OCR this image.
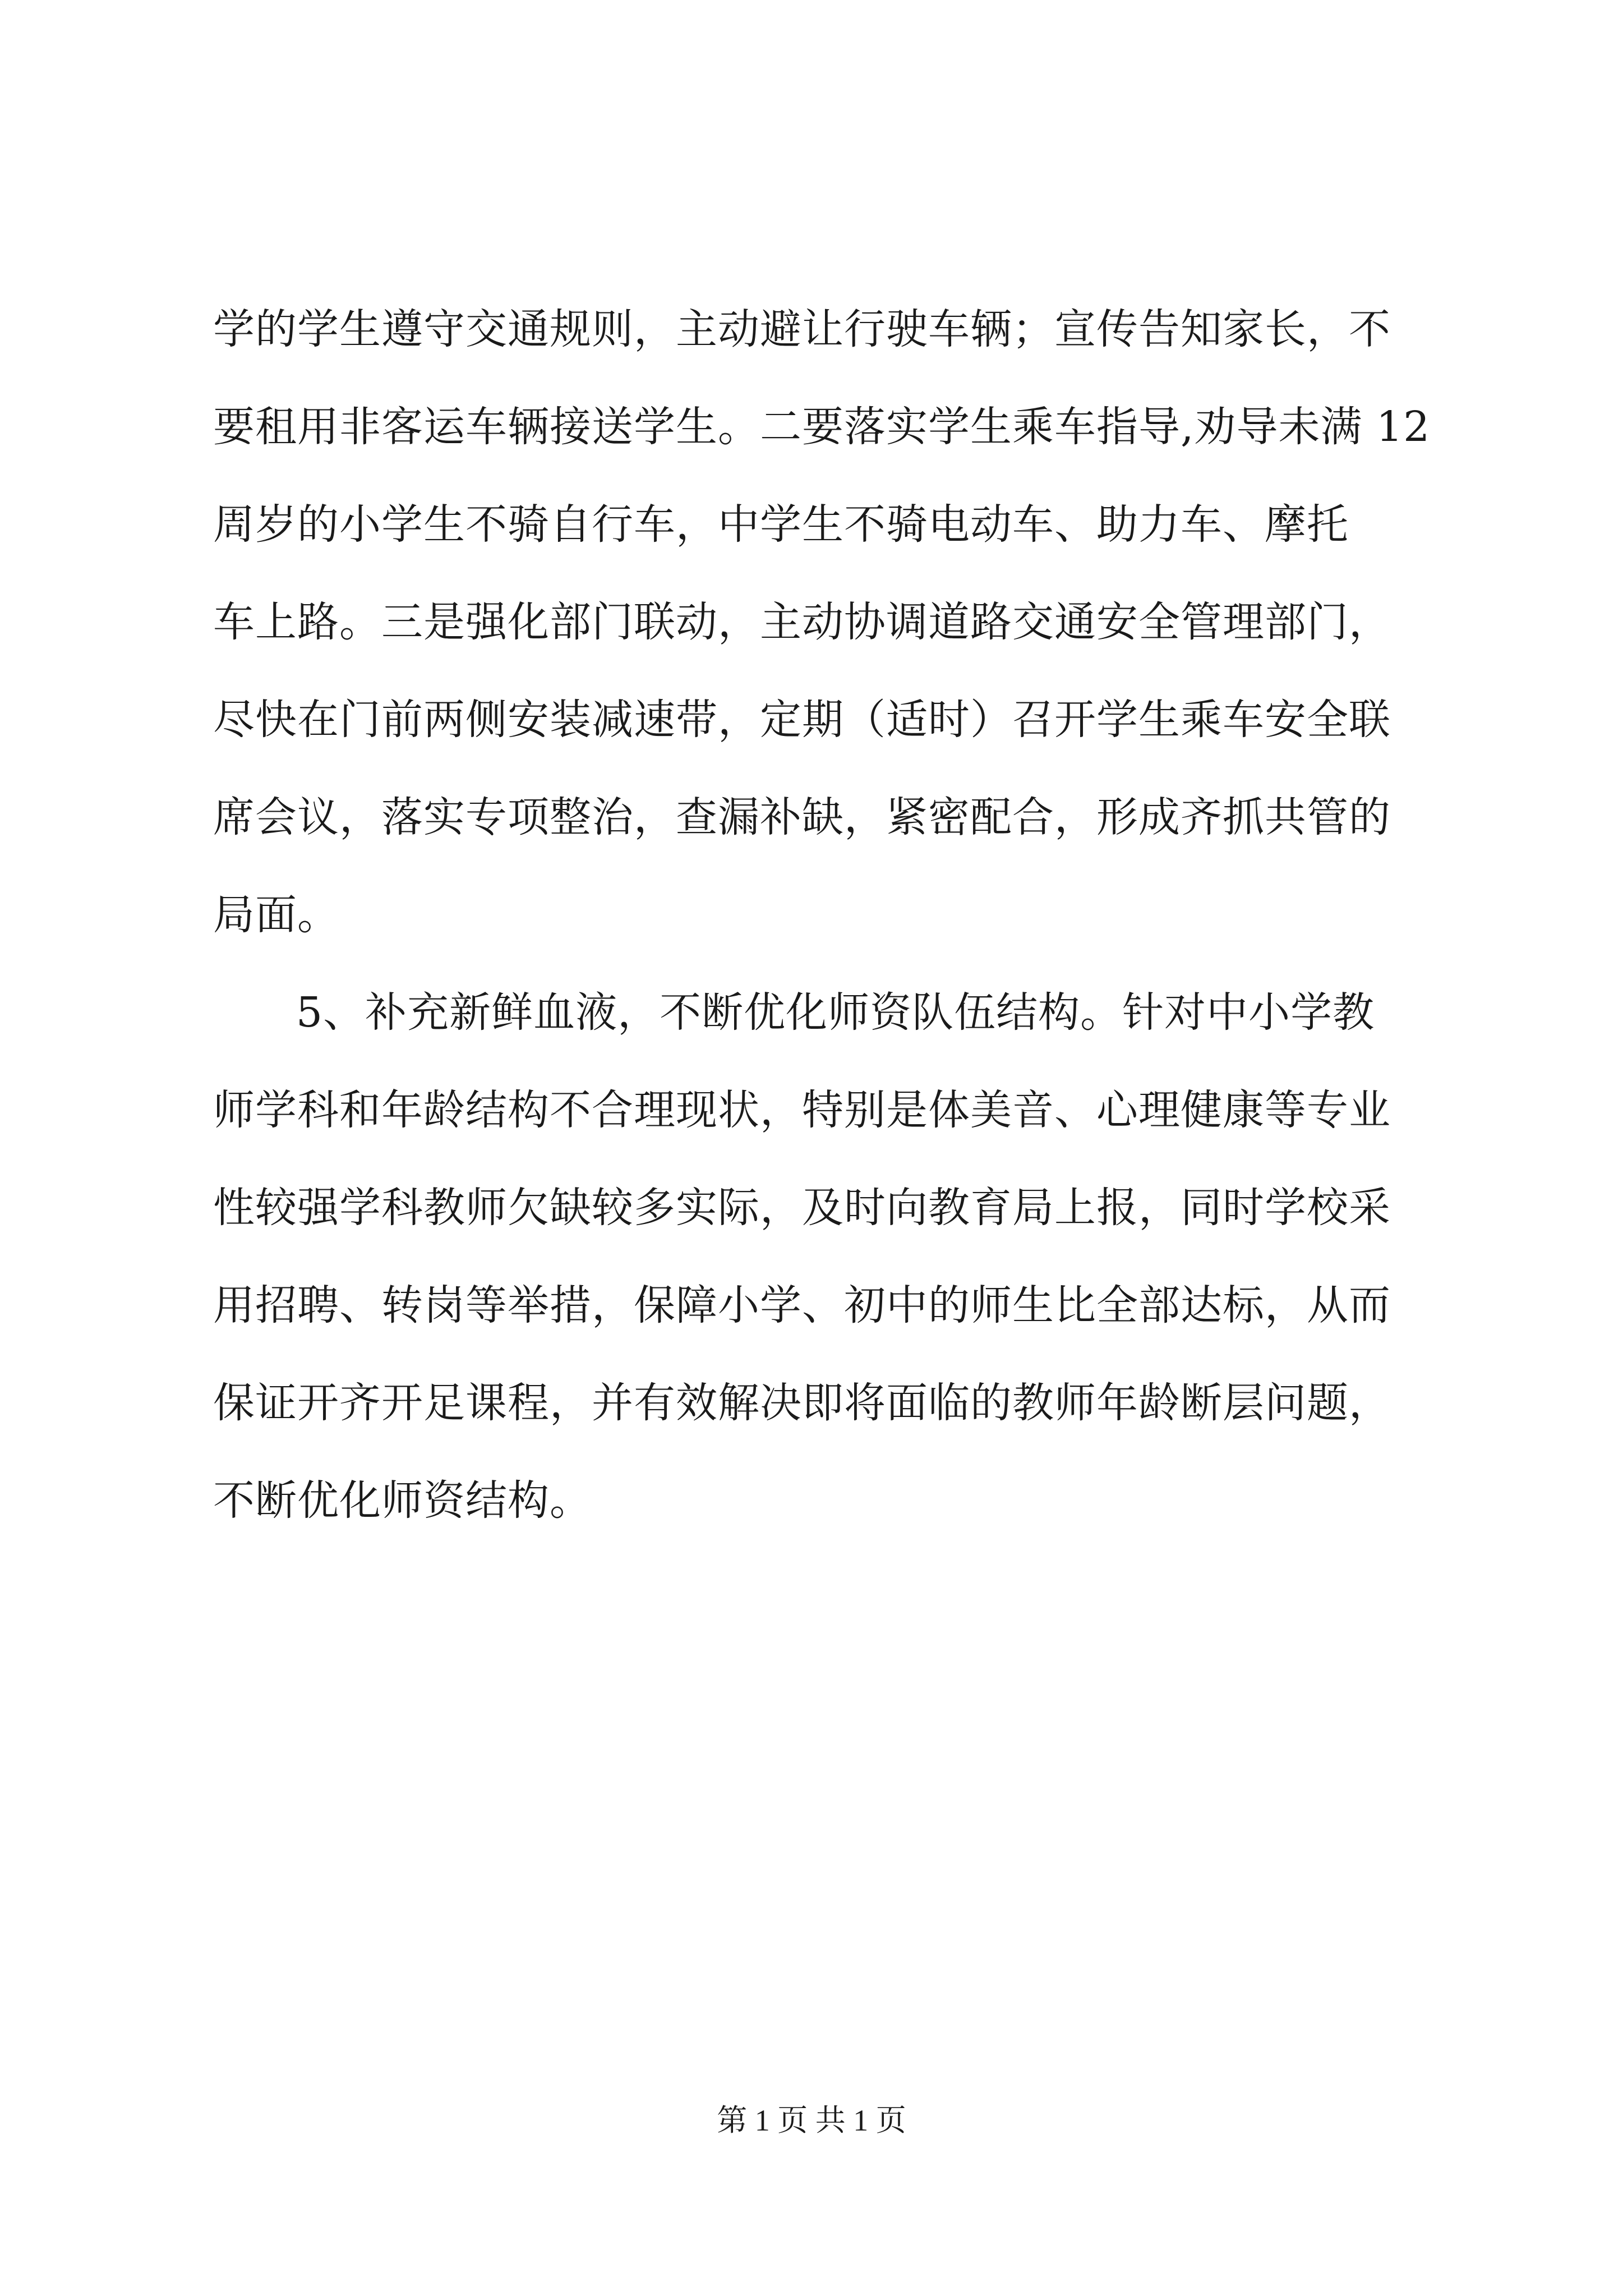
学的学生遵守交通规则，主动避让行驶车辆；宣传告知家长，不
要租用非客运车辆接送学生。二要落实学生乘车指导,劝导未满 12
周岁的小学生不骑自行车，中学生不骑电动车、助力车、摩托
车上路。三是强化部门联动，主动协调道路交通安全管理部门，
尽快在门前两侧安装减速带，定期（适时）召开学生乘车安全联
席会议，落实专项整治，查漏补缺，紧密配合，形成齐抓共管的
局面。

5、补充新鲜血液，不断优化师资队伍结构。针对中小学教
师学科和年龄结构不合理现状，特别是体美音、心理健康等专业
性较强学科教师欠缺较多实际，及时向教育局上报，同时学校采
用招聘、转岗等举措，保障小学、初中的师生比全部达标，从而
保证开齐开足课程，并有效解决即将面临的教师年龄断层问题，
不断优化师资结构。

第 1 页 共 1 页
